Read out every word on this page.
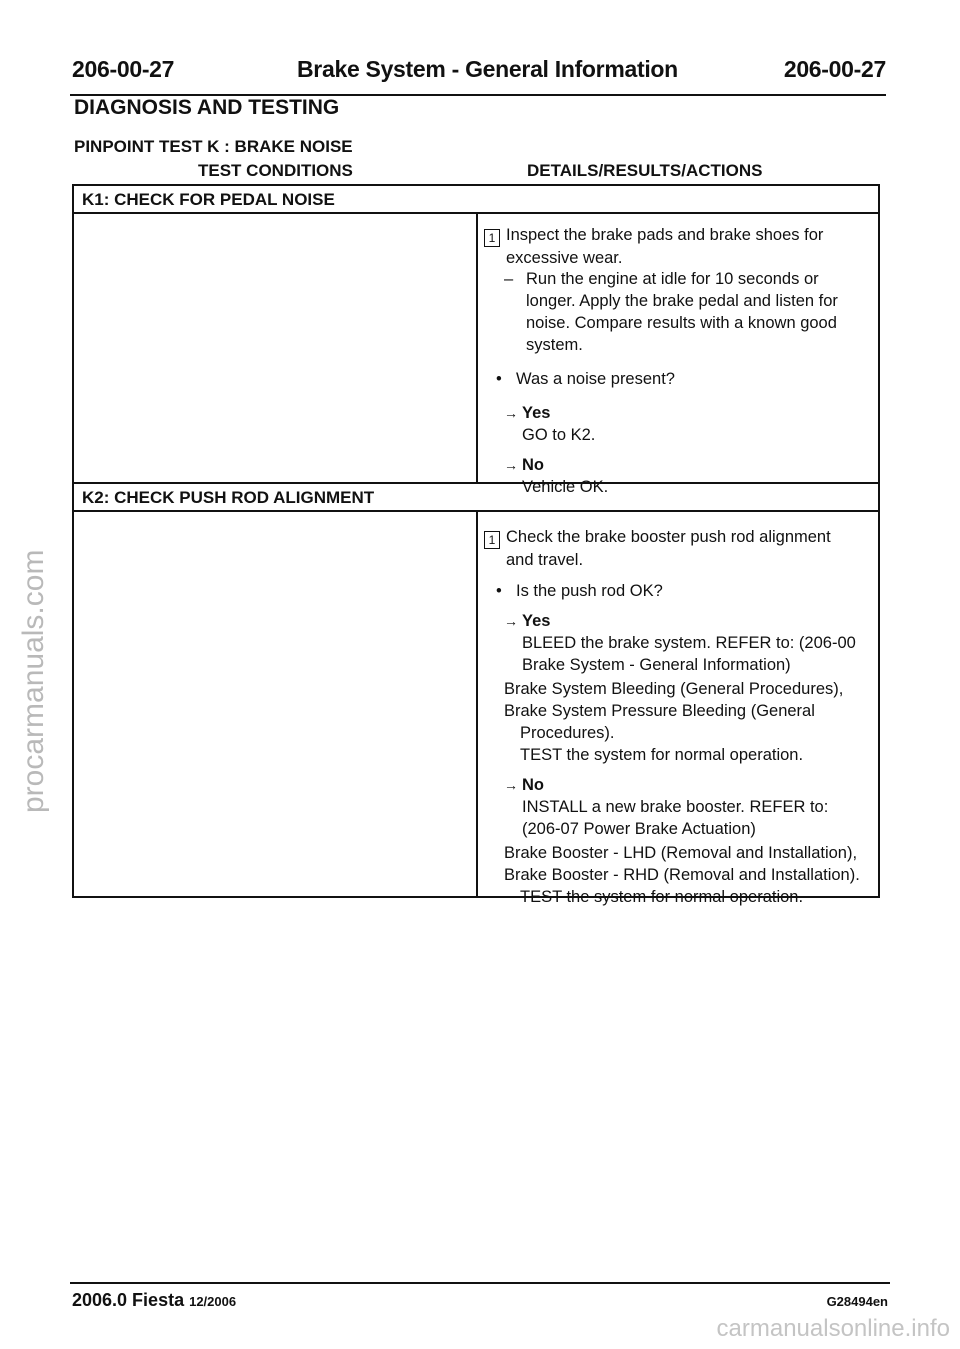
206-00-27	Brake System - General Information	206-00-27
DIAGNOSIS AND TESTING
PINPOINT TEST K : BRAKE NOISE
TEST CONDITIONS	DETAILS/RESULTS/ACTIONS
K1: CHECK FOR PEDAL NOISE
1 Inspect the brake pads and brake shoes for
excessive wear.
– Run the engine at idle for 10 seconds or
longer. Apply the brake pedal and listen for
noise. Compare results with a known good
system.
• Was a noise present?
→ Yes
GO to K2.
→ No
Vehicle OK.
K2: CHECK PUSH ROD ALIGNMENT
1 Check the brake booster push rod alignment
and travel.
• Is the push rod OK?
→ Yes
BLEED the brake system. REFER to: (206-00
Brake System - General Information)
Brake System Bleeding (General Procedures),
Brake System Pressure Bleeding (General
Procedures).
TEST the system for normal operation.
→ No
INSTALL a new brake booster. REFER to:
(206-07 Power Brake Actuation)
Brake Booster - LHD (Removal and Installation),
Brake Booster - RHD (Removal and Installation).
TEST the system for normal operation.
2006.0 Fiesta 12/2006	G28494en
procarmanuals.com
carmanualsonline.info
